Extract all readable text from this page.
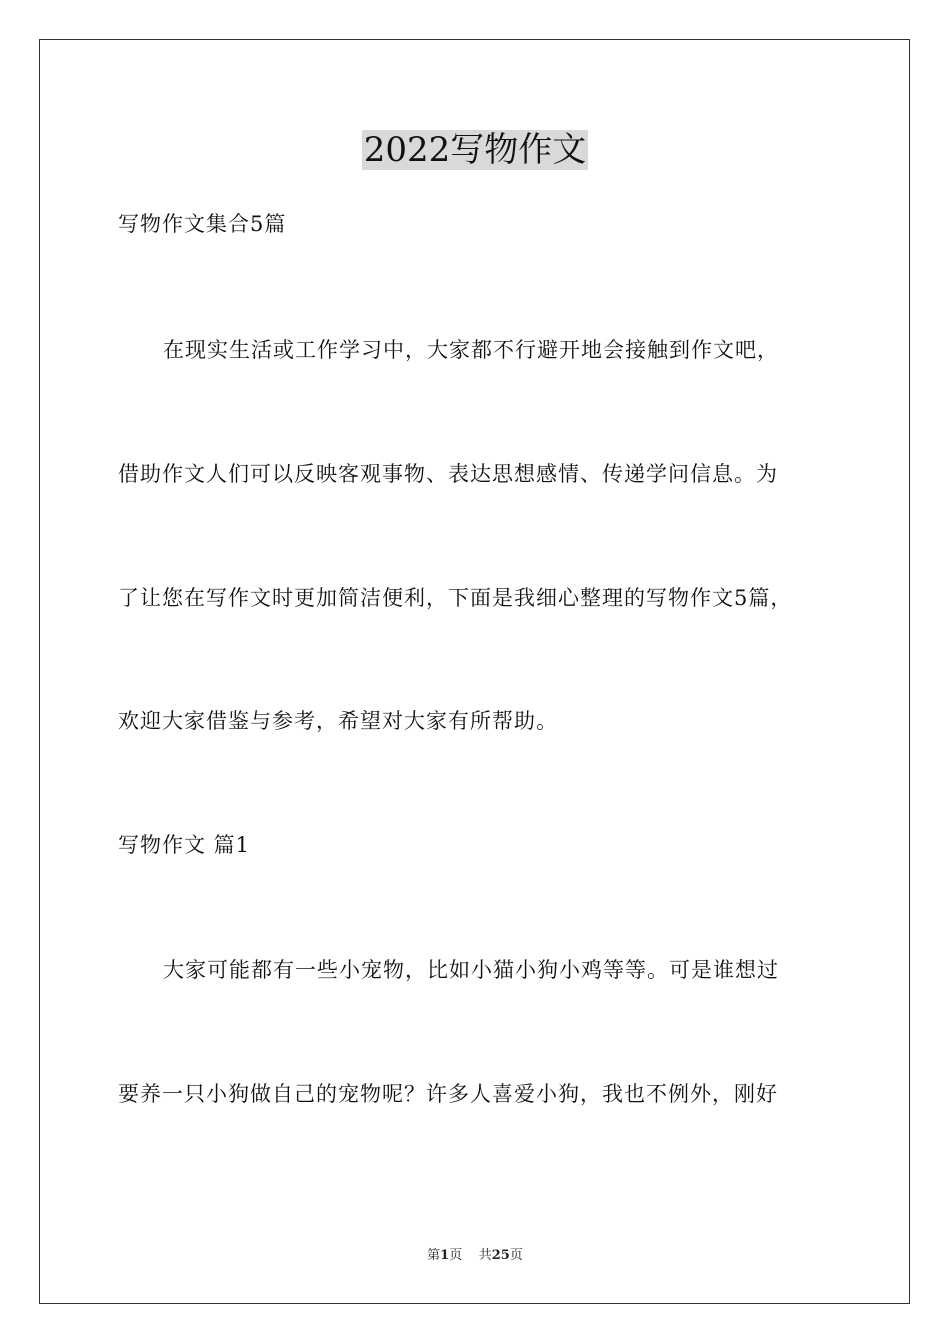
2022写物作文
写物作文集合5篇
在现实生活或工作学习中，大家都不行避开地会接触到作文吧，
借助作文人们可以反映客观事物、表达思想感情、传递学问信息。为
了让您在写作文时更加简洁便利，下面是我细心整理的写物作文5篇，
欢迎大家借鉴与参考，希望对大家有所帮助。
写物作文 篇1
大家可能都有一些小宠物，比如小猫小狗小鸡等等。可是谁想过
要养一只小狗做自己的宠物呢？许多人喜爱小狗，我也不例外，刚好
第1页 共25页
